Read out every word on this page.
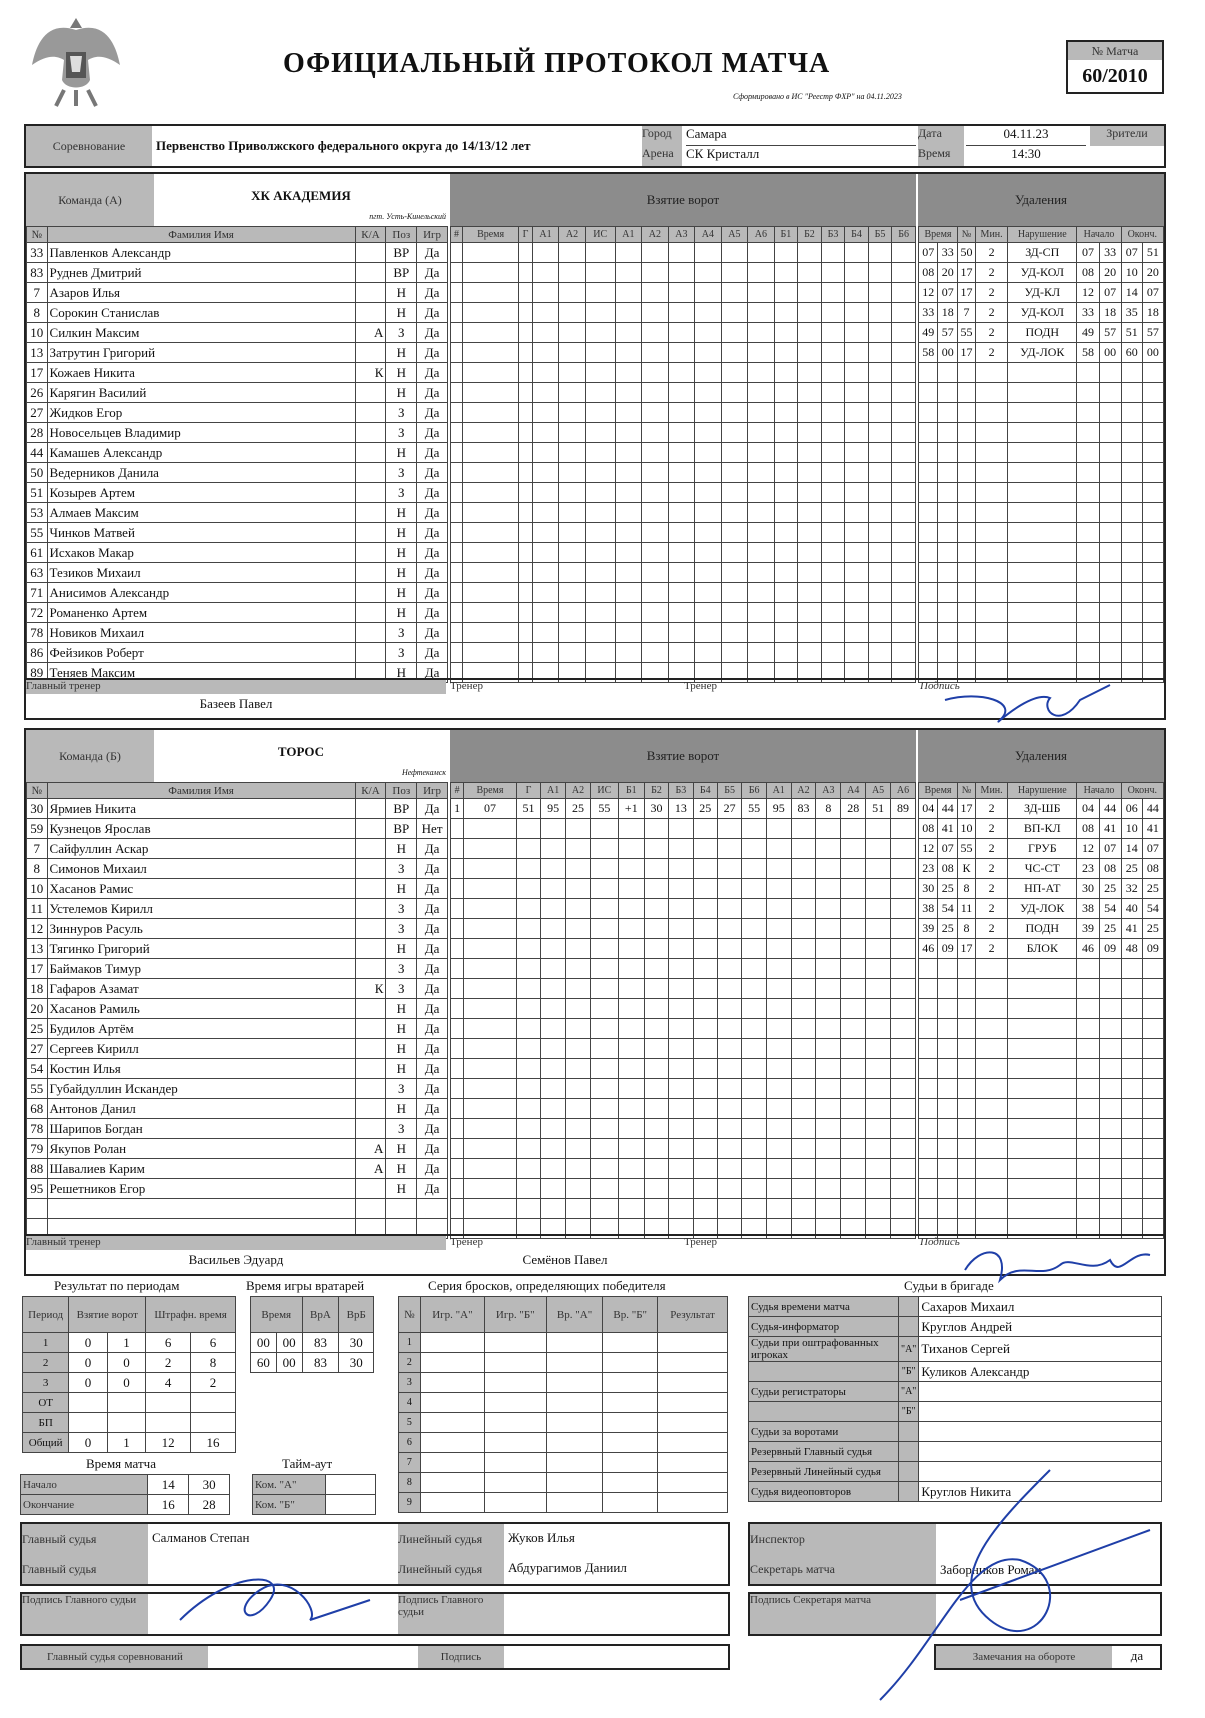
ОФИЦИАЛЬНЫЙ ПРОТОКОЛ МАТЧА
Сформировано в ИС "Реестр ФХР" на 04.11.2023
№ Матча
60/2010
Соревнование	Первенство Приволжского федерального округа до 14/13/12 лет
Город	Самара
Арена СК Кристалл
Дата	04.11.23
Время	14:30
Зрители
Команда (А)	ХК АКАДЕМИЯ
пгт. Усть-Кинельский
Взятие ворот	Удаления
№	Фамилия Имя	К/А	Поз	Игр
33	Павленков Александр		ВР	Да
83	Руднев Дмитрий		ВР	Да
7	Азаров Илья		Н	Да
8	Сорокин Станислав		Н	Да
10	Силкин Максим	А	З	Да
13	Затрутин Григорий		Н	Да
17	Кожаев Никита	К	Н	Да
26	Карягин Василий		Н	Да
27	Жидков Егор		З	Да
28	Новосельцев Владимир		З	Да
44	Камашев Александр		Н	Да
50	Ведерников Данила		З	Да
51	Козырев Артем		З	Да
53	Алмаев Максим		Н	Да
55	Чинков Матвей		Н	Да
61	Исхаков Макар		Н	Да
63	Тезиков Михаил		Н	Да
71	Анисимов Александр		Н	Да
72	Романенко Артем		Н	Да
78	Новиков Михаил		З	Да
86	Фейзиков Роберт		З	Да
89	Теняев Максим		Н	Да
#	Время	Г	А1	А2	ИС	А1	А2	А3	А4	А5	А6	Б1	Б2	Б3	Б4	Б5	Б6

																	Время		№	Мин.	Нарушение	Начало		Оконч.	
07	33	50	2	ЗД-СП	07	33	07	51
08	20	17	2	УД-КОЛ	08	20	10	20
12	07	17	2	УД-КЛ	12	07	14	07
33	18	7	2	УД-КОЛ	33	18	35	18
49	57	55	2	ПОДН	49	57	51	57
58	00	17	2	УД-ЛОК	58	00	60	00

Главный тренер
Базеев Павел
Тренер	Тренер	Подпись
Команда (Б)	ТОРОС
Нефтекамск
Взятие ворот	Удаления
№	Фамилия Имя	К/А	Поз	Игр
30	Ярмиев Никита		ВР	Да
59	Кузнецов Ярослав		ВР	Нет
7	Сайфуллин Аскар		Н	Да
8	Симонов Михаил		З	Да
10	Хасанов Рамис		Н	Да
11	Устелемов Кирилл		З	Да
12	Зиннуров Расуль		З	Да
13	Тягинко Григорий		Н	Да
17	Баймаков Тимур		З	Да
18	Гафаров Азамат	К	З	Да
20	Хасанов Рамиль		Н	Да
25	Будилов Артём		Н	Да
27	Сергеев Кирилл		Н	Да
54	Костин Илья		Н	Да
55	Губайдуллин Искандер		З	Да
68	Антонов Данил		Н	Да
78	Шарипов Богдан		З	Да
79	Якупов Ролан	А	Н	Да
88	Шавалиев Карим	А	Н	Да
95	Решетников Егор		Н	Да

#	Время	Г	А1	А2	ИС	Б1	Б2	Б3	Б4	Б5	Б6	А1	А2	А3	А4	А5	А6
1	07	51	95	25	55	+1	30	13	25	27	55	95	83	8	28	51	89

Время		№	Мин.	Нарушение	Начало		Оконч.	
04	44	17	2	ЗД-ШБ	04	44	06	44
08	41	10	2	ВП-КЛ	08	41	10	41
12	07	55	2	ГРУБ	12	07	14	07
23	08	К	2	ЧС-СТ	23	08	25	08
30	25	8	2	НП-АТ	30	25	32	25
38	54	11	2	УД-ЛОК	38	54	40	54
39	25	8	2	ПОДН	39	25	41	25
46	09	17	2	БЛОК	46	09	48	09

Главный тренер
Васильев Эдуард
Тренер
Семёнов Павел
Тренер	Подпись
Результат по периодам
Период	Взятие ворот		Штрафн. время	
1	0	1	6	6
2	0	0	2	8
3	0	0	4	2
ОТ				
БП				
Общий	0	1	12	16
Время игры вратарей
Время		ВрА	ВрБ
00	00	83	30
60	00	83	30
Время матча
Начало	14	30
Окончание	16	28
Тайм-аут
Ком. "А"	
Ком. "Б"	
Серия бросков, определяющих победителя
№	Игр. "А"	Игр. "Б"	Вр. "А"	Вр. "Б"	Результат
1					
2					
3					
4					
5					
6					
7					
8					
9					
Судьи в бригаде
Судья времени матча		Сахаров Михаил
Судья-информатор		Круглов Андрей
Судьи при оштрафованных игроках	"А"	Тиханов Сергей
	"Б"	Куликов Александр
Судьи регистраторы	"А"	
	"Б"	
Судьи за воротами		
Резервный Главный судья		
Резервный Линейный судья		
Судья видеоповторов		Круглов Никита
Главный судья	Салманов Степан
Главный судья
Линейный судья	Жуков Илья
Линейный судья	Абдурагимов Даниил
Подпись Главного судьи	Подпись Главного судьи
Главный судья соревнований	Подпись
Инспектор
Секретарь матча	Заборников Роман
Подпись Секретаря матча
Замечания на обороте	да
